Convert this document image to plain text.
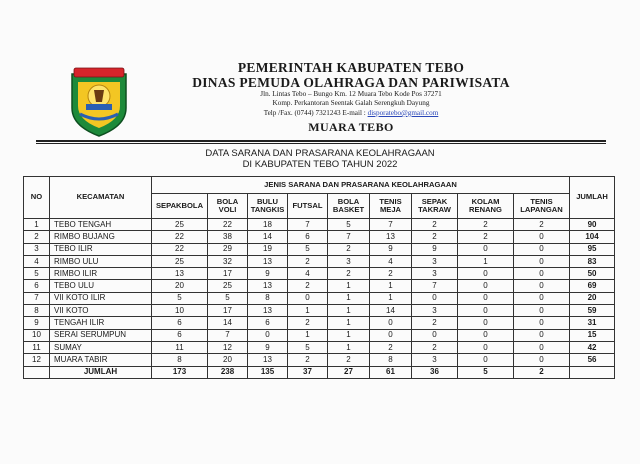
PEMERINTAH KABUPATEN TEBO
DINAS PEMUDA OLAHRAGA DAN PARIWISATA
Jln. Lintas Tebo – Bungo Km. 12 Muara Tebo Kode Pos 37271
Komp. Perkantoran Seentak Galah Serengkuh Dayung
Telp /Fax. (0744) 7321243 E-mail : disporatebo@gmail.com
MUARA TEBO
DATA SARANA DAN PRASARANA KEOLAHRAGAAN
DI KABUPATEN TEBO TAHUN 2022
NO	KECAMATAN	JENIS SARANA DAN PRASARANA KEOLAHRAGAAN									JUMLAH
		SEPAKBOLA	BOLA VOLI	BULU TANGKIS	FUTSAL	BOLA BASKET	TENIS MEJA	SEPAK TAKRAW	KOLAM RENANG	TENIS LAPANGAN	
1	TEBO TENGAH	25	22	18	7	5	7	2	2	2	90
2	RIMBO BUJANG	22	38	14	6	7	13	2	2	0	104
3	TEBO ILIR	22	29	19	5	2	9	9	0	0	95
4	RIMBO ULU	25	32	13	2	3	4	3	1	0	83
5	RIMBO ILIR	13	17	9	4	2	2	3	0	0	50
6	TEBO ULU	20	25	13	2	1	1	7	0	0	69
7	VII KOTO ILIR	5	5	8	0	1	1	0	0	0	20
8	VII KOTO	10	17	13	1	1	14	3	0	0	59
9	TENGAH ILIR	6	14	6	2	1	0	2	0	0	31
10	SERAI SERUMPUN	6	7	0	1	1	0	0	0	0	15
11	SUMAY	11	12	9	5	1	2	2	0	0	42
12	MUARA TABIR	8	20	13	2	2	8	3	0	0	56
	JUMLAH	173	238	135	37	27	61	36	5	2	
